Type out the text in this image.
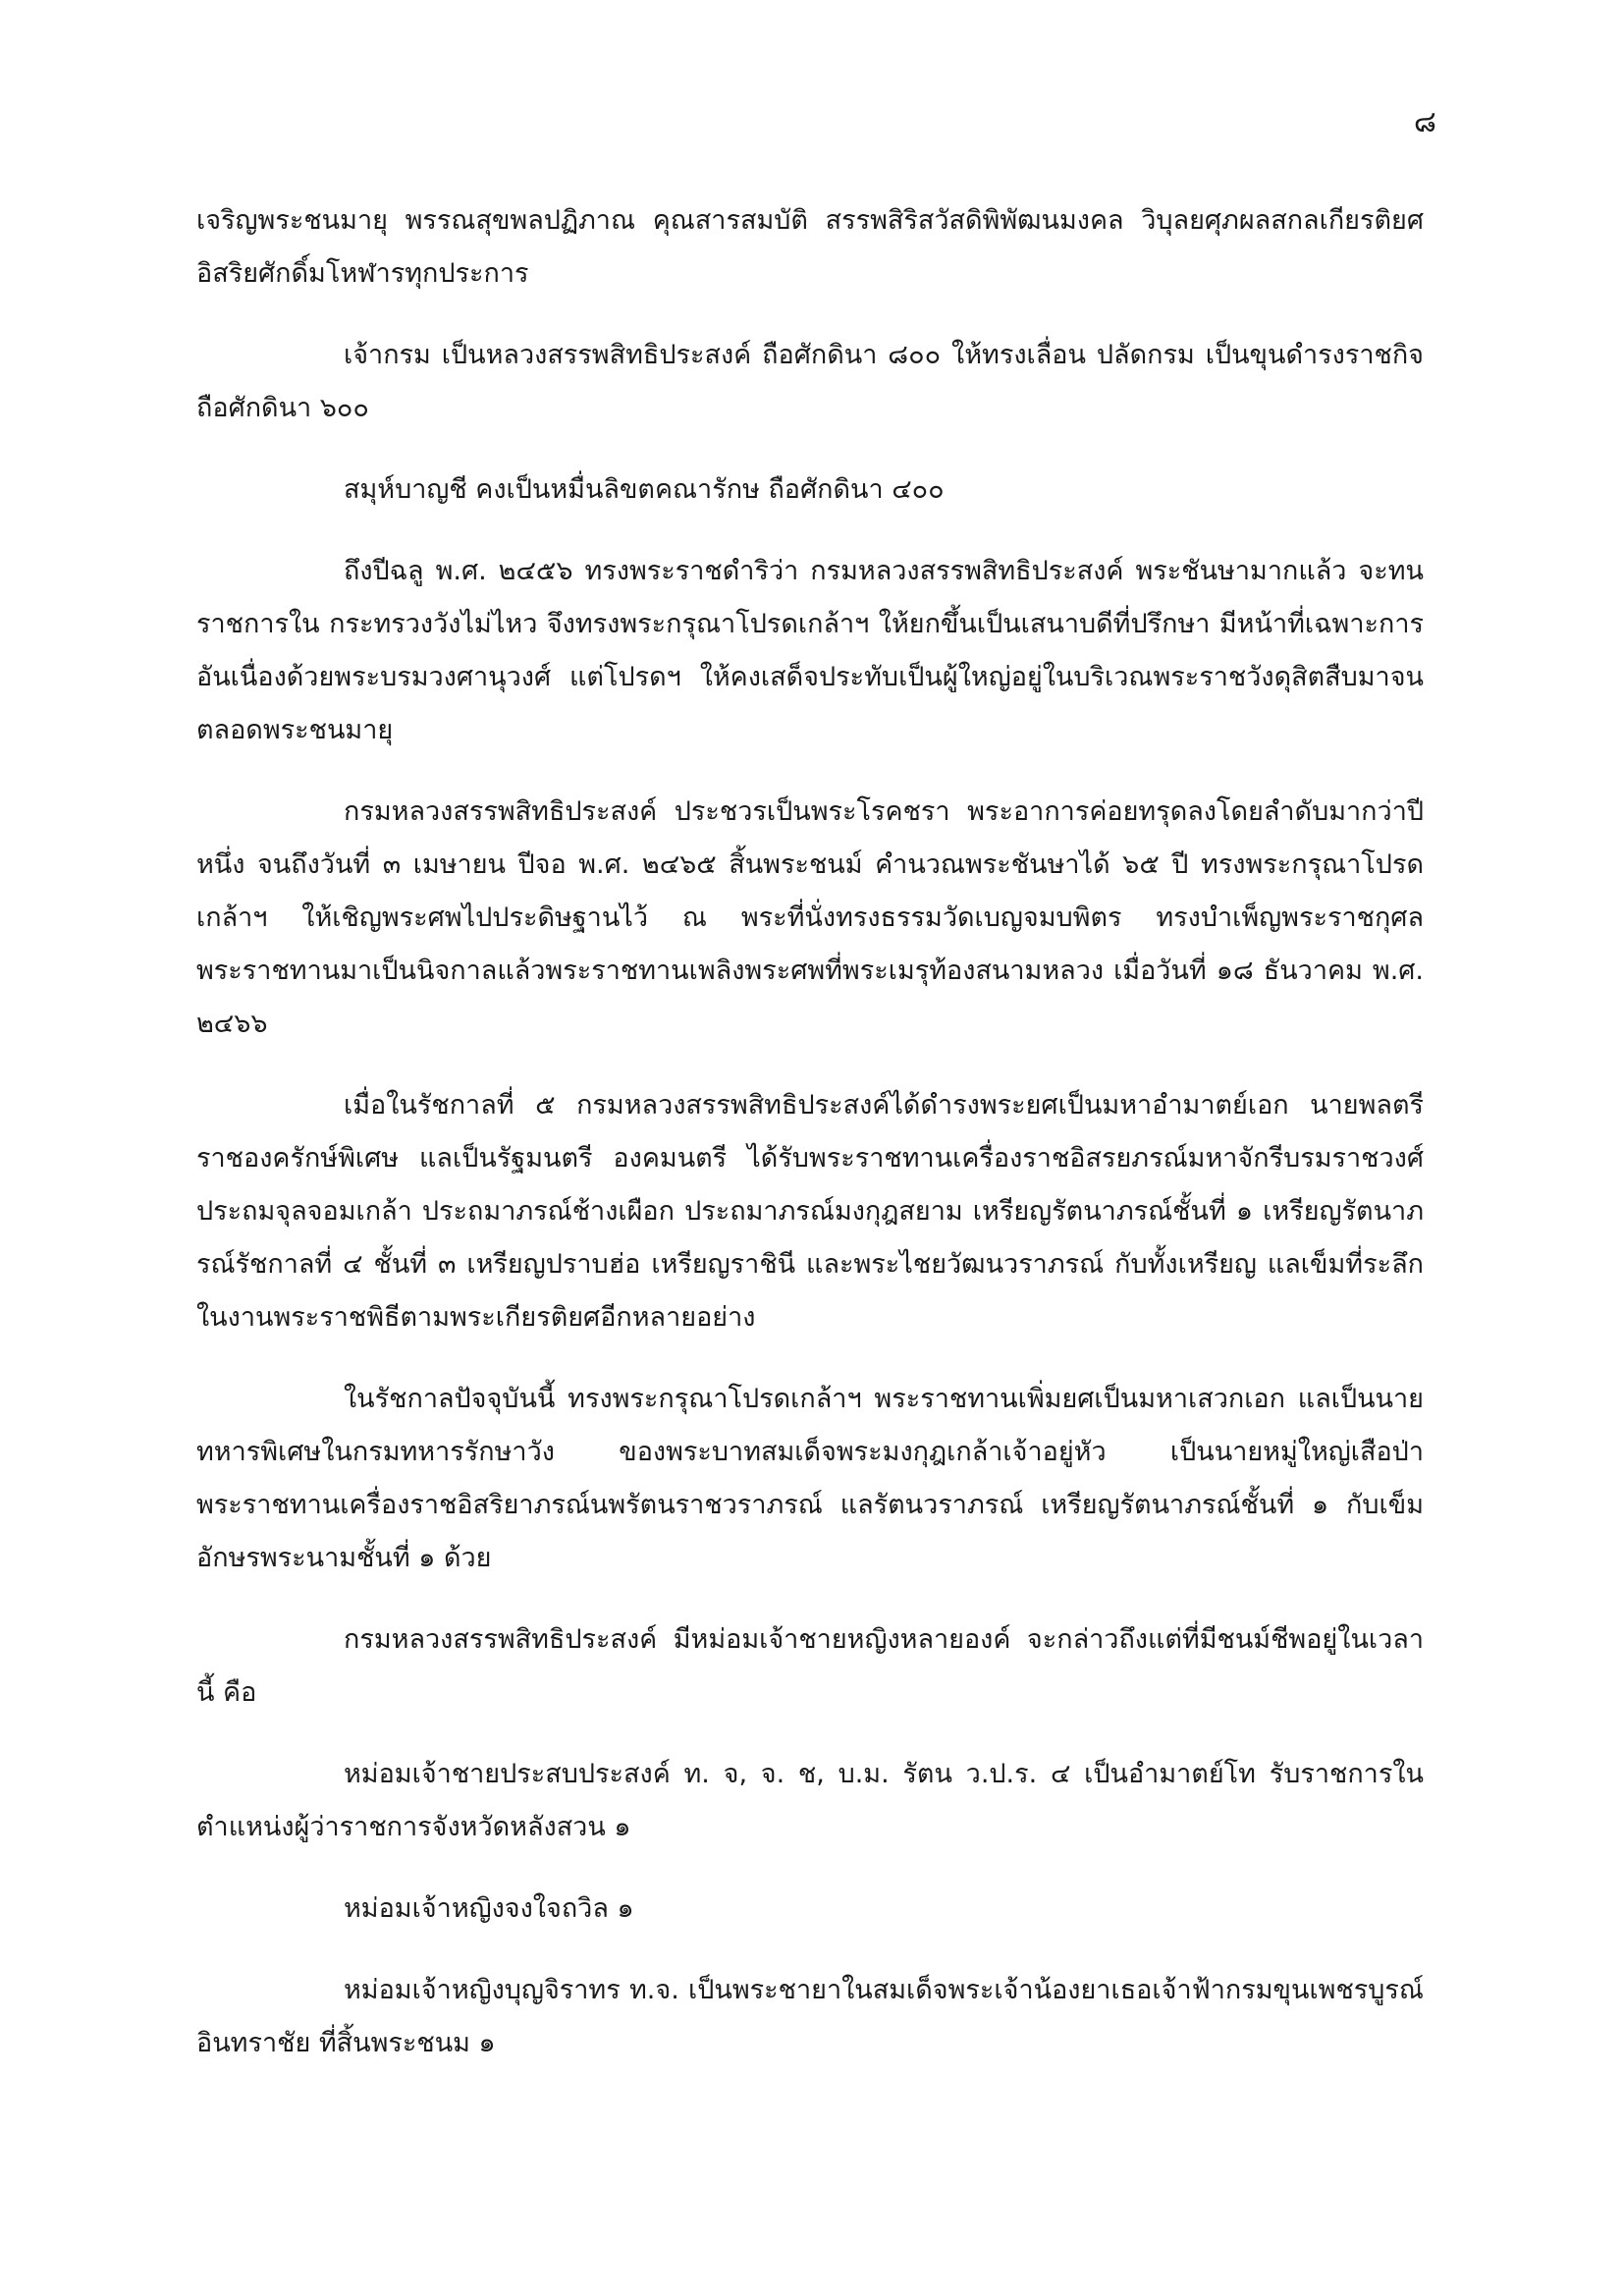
๘

เจริญพระชนมายุ พรรณสุขพลปฏิภาณ คุณสารสมบัติ สรรพสิริสวัสดิพิพัฒนมงคล วิบุลยศุภผลสกลเกียรติยศ อิสริยศักดิ์มโหฬารทุกประการ

เจ้ากรม เป็นหลวงสรรพสิทธิประสงค์ ถือศักดินา ๘๐๐ ให้ทรงเลื่อน ปลัดกรม เป็นขุนดำรงราชกิจ ถือศักดินา ๖๐๐

สมุห์บาญชี คงเป็นหมื่นลิขตคณารักษ ถือศักดินา ๔๐๐

ถึงปีฉลู พ.ศ. ๒๔๕๖ ทรงพระราชดำริว่า กรมหลวงสรรพสิทธิประสงค์ พระชันษามากแล้ว จะทนราชการใน กระทรวงวังไม่ไหว จึงทรงพระกรุณาโปรดเกล้าฯ ให้ยกขึ้นเป็นเสนาบดีที่ปรึกษา มีหน้าที่เฉพาะการอันเนื่องด้วยพระบรมวงศานุวงศ์ แต่โปรดฯ ให้คงเสด็จประทับเป็นผู้ใหญ่อยู่ในบริเวณพระราชวังดุสิตสืบมาจนตลอดพระชนมายุ

กรมหลวงสรรพสิทธิประสงค์ ประชวรเป็นพระโรคชรา พระอาการค่อยทรุดลงโดยลำดับมากว่าปีหนึ่ง จนถึงวันที่ ๓ เมษายน ปีจอ พ.ศ. ๒๔๖๕ สิ้นพระชนม์ คำนวณพระชันษาได้ ๖๕ ปี ทรงพระกรุณาโปรดเกล้าฯ ให้เชิญพระศพไปประดิษฐานไว้ ณ พระที่นั่งทรงธรรมวัดเบญจมบพิตร ทรงบำเพ็ญพระราชกุศลพระราชทานมาเป็นนิจกาลแล้วพระราชทานเพลิงพระศพที่พระเมรุท้องสนามหลวง เมื่อวันที่ ๑๘ ธันวาคม พ.ศ. ๒๔๖๖

เมื่อในรัชกาลที่ ๕ กรมหลวงสรรพสิทธิประสงค์ได้ดำรงพระยศเป็นมหาอำมาตย์เอก นายพลตรีราชองครักษ์พิเศษ แลเป็นรัฐมนตรี องคมนตรี ได้รับพระราชทานเครื่องราชอิสรยภรณ์มหาจักรีบรมราชวงศ์ ประถมจุลจอมเกล้า ประถมาภรณ์ช้างเผือก ประถมาภรณ์มงกุฎสยาม เหรียญรัตนาภรณ์ชั้นที่ ๑ เหรียญรัตนาภรณ์รัชกาลที่ ๔ ชั้นที่ ๓ เหรียญปราบฮ่อ เหรียญราชินี และพระไชยวัฒนวราภรณ์ กับทั้งเหรียญ แลเข็มที่ระลึกในงานพระราชพิธีตามพระเกียรติยศอีกหลายอย่าง

ในรัชกาลปัจจุบันนี้ ทรงพระกรุณาโปรดเกล้าฯ พระราชทานเพิ่มยศเป็นมหาเสวกเอก แลเป็นนายทหารพิเศษในกรมทหารรักษาวัง ของพระบาทสมเด็จพระมงกุฎเกล้าเจ้าอยู่หัว เป็นนายหมู่ใหญ่เสือป่า พระราชทานเครื่องราชอิสริยาภรณ์นพรัตนราชวราภรณ์ แลรัตนวราภรณ์ เหรียญรัตนาภรณ์ชั้นที่ ๑ กับเข็มอักษรพระนามชั้นที่ ๑ ด้วย

กรมหลวงสรรพสิทธิประสงค์ มีหม่อมเจ้าชายหญิงหลายองค์ จะกล่าวถึงแต่ที่มีชนม์ชีพอยู่ในเวลานี้ คือ

หม่อมเจ้าชายประสบประสงค์ ท. จ, จ. ช, บ.ม. รัตน ว.ป.ร. ๔ เป็นอำมาตย์โท รับราชการในตำแหน่งผู้ว่าราชการจังหวัดหลังสวน ๑

หม่อมเจ้าหญิงจงใจถวิล ๑

หม่อมเจ้าหญิงบุญจิราทร ท.จ. เป็นพระชายาในสมเด็จพระเจ้าน้องยาเธอเจ้าฟ้ากรมขุนเพชรบูรณ์อินทราชัย ที่สิ้นพระชนม ๑
